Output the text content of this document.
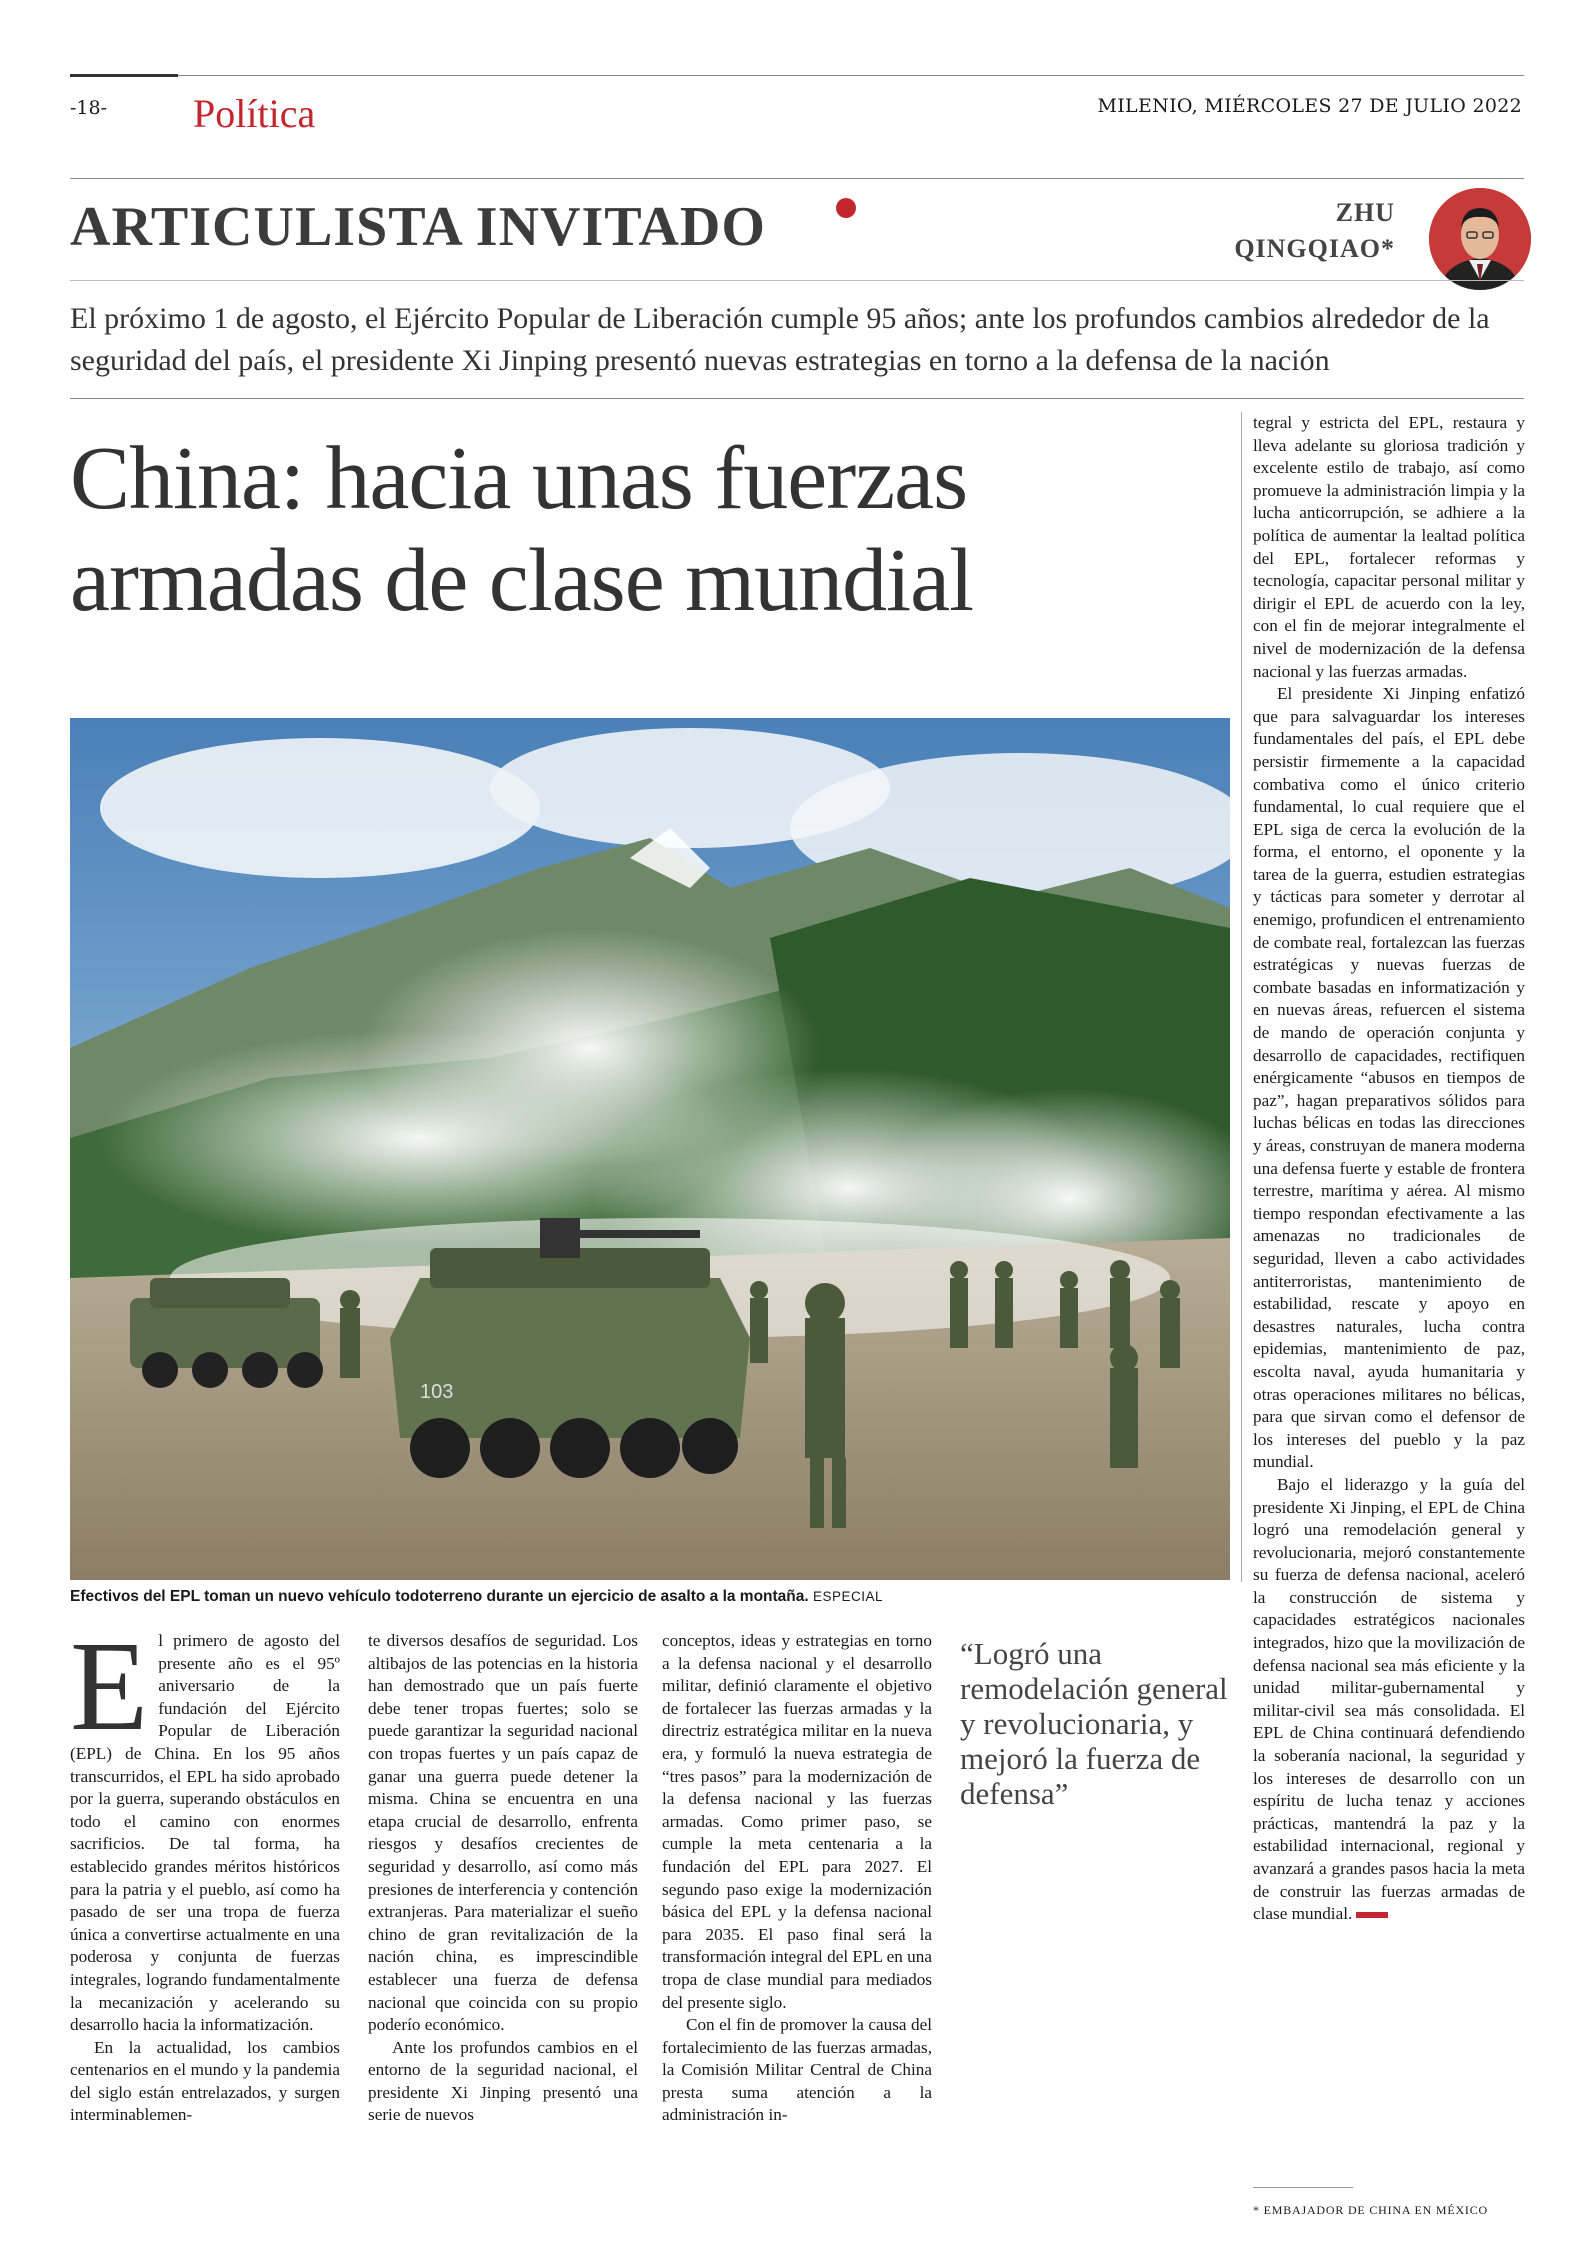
-18- Política	MILENIO, MIÉRCOLES 27 DE JULIO 2022
ARTICULISTA INVITADO	ZHU
QINGQIAO*
El próximo 1 de agosto, el Ejército Popular de Liberación cumple 95 años; ante los profundos cambios alrededor de la seguridad del país, el presidente Xi Jinping presentó nuevas estrategias en torno a la defensa de la nación
China: hacia unas fuerzas armadas de clase mundial
103
Efectivos del EPL toman un nuevo vehículo todoterreno durante un ejercicio de asalto a la montaña. ESPECIAL
E l primero de agosto del presente año es el 95º aniversario de la fundación del Ejército Popular de Liberación (EPL) de China. En los 95 años transcurridos, el EPL ha sido aprobado por la guerra, superando obstáculos en todo el camino con enormes sacrificios. De tal forma, ha establecido grandes méritos históricos para la patria y el pueblo, así como ha pasado de ser una tropa de fuerza única a convertirse actualmente en una poderosa y conjunta de fuerzas integrales, logrando fundamentalmente la mecanización y acelerando su desarrollo hacia la informatización.

En la actualidad, los cambios centenarios en el mundo y la pandemia del siglo están entrelazados, y surgen interminablemen-

te diversos desafíos de seguridad. Los altibajos de las potencias en la historia han demostrado que un país fuerte debe tener tropas fuertes; solo se puede garantizar la seguridad nacional con tropas fuertes y un país capaz de ganar una guerra puede detener la misma. China se encuentra en una etapa crucial de desarrollo, enfrenta riesgos y desafíos crecientes de seguridad y desarrollo, así como más presiones de interferencia y contención extranjeras. Para materializar el sueño chino de gran revitalización de la nación china, es imprescindible establecer una fuerza de defensa nacional que coincida con su propio poderío económico.

Ante los profundos cambios en el entorno de la seguridad nacional, el presidente Xi Jinping presentó una serie de nuevos

conceptos, ideas y estrategias en torno a la defensa nacional y el desarrollo militar, definió claramente el objetivo de fortalecer las fuerzas armadas y la directriz estratégica militar en la nueva era, y formuló la nueva estrategia de “tres pasos” para la modernización de la defensa nacional y las fuerzas armadas. Como primer paso, se cumple la meta centenaria a la fundación del EPL para 2027. El segundo paso exige la modernización básica del EPL y la defensa nacional para 2035. El paso final será la transformación integral del EPL en una tropa de clase mundial para mediados del presente siglo.

Con el fin de promover la causa del fortalecimiento de las fuerzas armadas, la Comisión Militar Central de China presta suma atención a la administración in-

“Logró una remodelación general y revolucionaria, y mejoró la fuerza de defensa”

tegral y estricta del EPL, restaura y lleva adelante su gloriosa tradición y excelente estilo de trabajo, así como promueve la administración limpia y la lucha anticorrupción, se adhiere a la política de aumentar la lealtad política del EPL, fortalecer reformas y tecnología, capacitar personal militar y dirigir el EPL de acuerdo con la ley, con el fin de mejorar integralmente el nivel de modernización de la defensa nacional y las fuerzas armadas.

El presidente Xi Jinping enfatizó que para salvaguardar los intereses fundamentales del país, el EPL debe persistir firmemente a la capacidad combativa como el único criterio fundamental, lo cual requiere que el EPL siga de cerca la evolución de la forma, el entorno, el oponente y la tarea de la guerra, estudien estrategias y tácticas para someter y derrotar al enemigo, profundicen el entrenamiento de combate real, fortalezcan las fuerzas estratégicas y nuevas fuerzas de combate basadas en informatización y en nuevas áreas, refuercen el sistema de mando de operación conjunta y desarrollo de capacidades, rectifiquen enérgicamente “abusos en tiempos de paz”, hagan preparativos sólidos para luchas bélicas en todas las direcciones y áreas, construyan de manera moderna una defensa fuerte y estable de frontera terrestre, marítima y aérea. Al mismo tiempo respondan efectivamente a las amenazas no tradicionales de seguridad, lleven a cabo actividades antiterroristas, mantenimiento de estabilidad, rescate y apoyo en desastres naturales, lucha contra epidemias, mantenimiento de paz, escolta naval, ayuda humanitaria y otras operaciones militares no bélicas, para que sirvan como el defensor de los intereses del pueblo y la paz mundial.

Bajo el liderazgo y la guía del presidente Xi Jinping, el EPL de China logró una remodelación general y revolucionaria, mejoró constantemente su fuerza de defensa nacional, aceleró la construcción de sistema y capacidades estratégicos nacionales integrados, hizo que la movilización de defensa nacional sea más eficiente y la unidad militar-gubernamental y militar-civil sea más consolidada. El EPL de China continuará defendiendo la soberanía nacional, la seguridad y los intereses de desarrollo con un espíritu de lucha tenaz y acciones prácticas, mantendrá la paz y la estabilidad internacional, regional y avanzará a grandes pasos hacia la meta de construir las fuerzas armadas de clase mundial.

* EMBAJADOR DE CHINA EN MÉXICO
